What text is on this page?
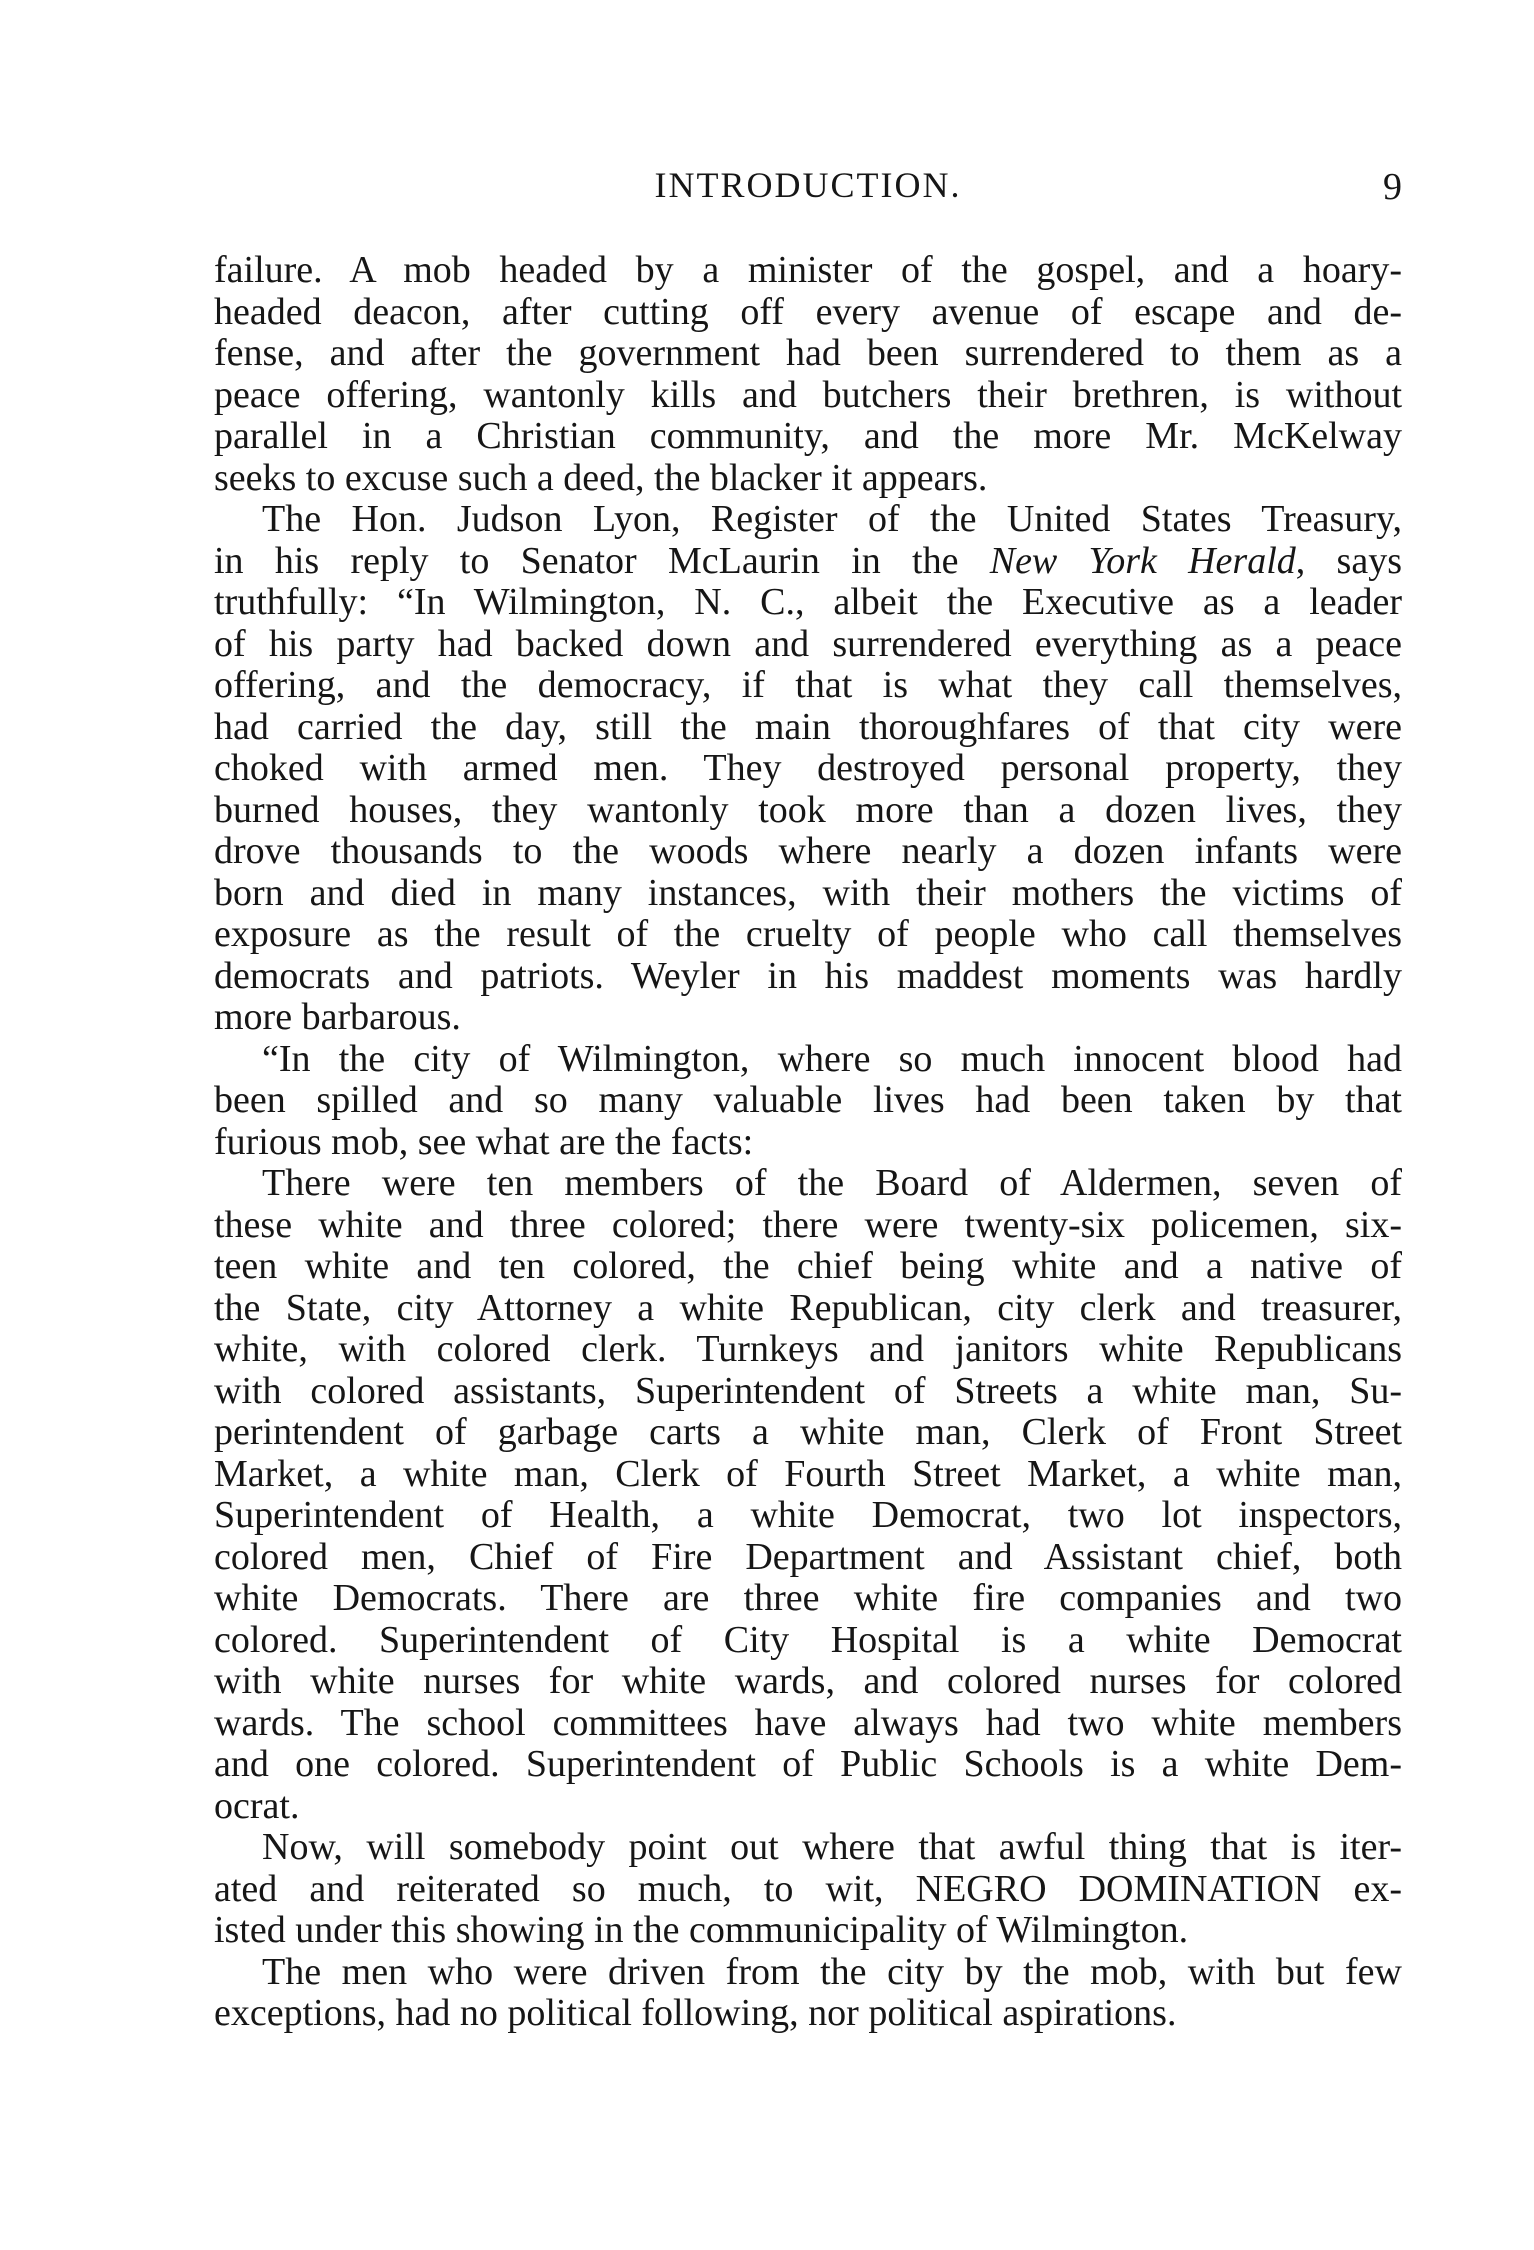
INTRODUCTION.	9
failure. A mob headed by a minister of the gospel, and a hoary-
headed deacon, after cutting off every avenue of escape and de-
fense, and after the government had been surrendered to them as a
peace offering, wantonly kills and butchers their brethren, is without
parallel in a Christian community, and the more Mr. McKelway
seeks to excuse such a deed, the blacker it appears.
The Hon. Judson Lyon, Register of the United States Treasury,
in his reply to Senator McLaurin in the New York Herald, says
truthfully: “In Wilmington, N. C., albeit the Executive as a leader
of his party had backed down and surrendered everything as a peace
offering, and the democracy, if that is what they call themselves,
had carried the day, still the main thoroughfares of that city were
choked with armed men. They destroyed personal property, they
burned houses, they wantonly took more than a dozen lives, they
drove thousands to the woods where nearly a dozen infants were
born and died in many instances, with their mothers the victims of
exposure as the result of the cruelty of people who call themselves
democrats and patriots. Weyler in his maddest moments was hardly
more barbarous.
“In the city of Wilmington, where so much innocent blood had
been spilled and so many valuable lives had been taken by that
furious mob, see what are the facts:
There were ten members of the Board of Aldermen, seven of
these white and three colored; there were twenty-six policemen, six-
teen white and ten colored, the chief being white and a native of
the State, city Attorney a white Republican, city clerk and treasurer,
white, with colored clerk. Turnkeys and janitors white Republicans
with colored assistants, Superintendent of Streets a white man, Su-
perintendent of garbage carts a white man, Clerk of Front Street
Market, a white man, Clerk of Fourth Street Market, a white man,
Superintendent of Health, a white Democrat, two lot inspectors,
colored men, Chief of Fire Department and Assistant chief, both
white Democrats. There are three white fire companies and two
colored. Superintendent of City Hospital is a white Democrat
with white nurses for white wards, and colored nurses for colored
wards. The school committees have always had two white members
and one colored. Superintendent of Public Schools is a white Dem-
ocrat.
Now, will somebody point out where that awful thing that is iter-
ated and reiterated so much, to wit, NEGRO DOMINATION ex-
isted under this showing in the communicipality of Wilmington.
The men who were driven from the city by the mob, with but few
exceptions, had no political following, nor political aspirations.
